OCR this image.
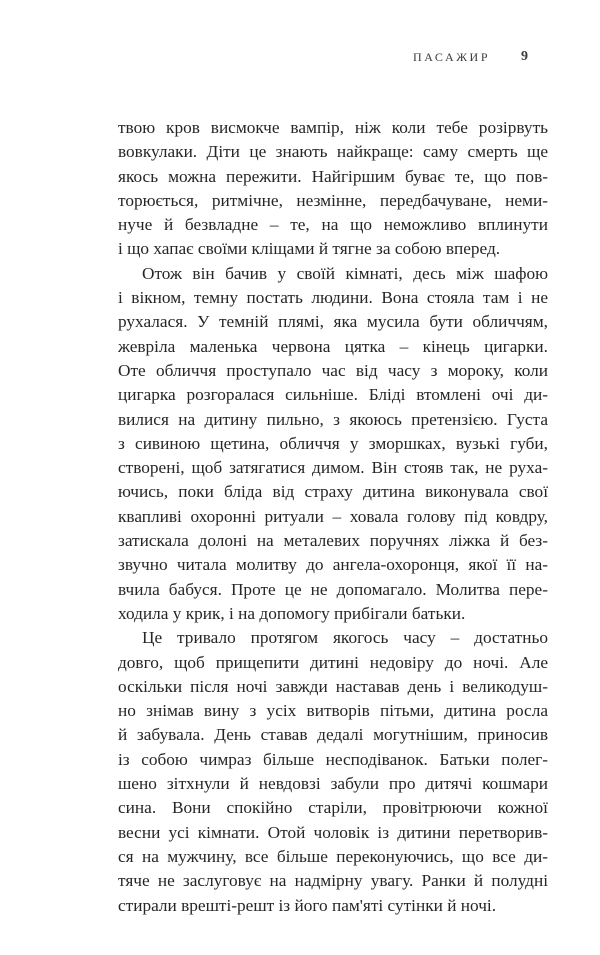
ПАСАЖИР 9
твою кров висмокче вампір, ніж коли тебе розірвуть
вовкулаки. Діти це знають найкраще: саму смерть ще
якось можна пережити. Найгіршим буває те, що пов-
торюється, ритмічне, незмінне, передбачуване, неми-
нуче й безвладне – те, на що неможливо вплинути
і що хапає своїми кліщами й тягне за собою вперед.
Отож він бачив у своїй кімнаті, десь між шафою
і вікном, темну постать людини. Вона стояла там і не
рухалася. У темній плямі, яка мусила бути обличчям,
жевріла маленька червона цятка – кінець цигарки.
Оте обличчя проступало час від часу з мороку, коли
цигарка розгоралася сильніше. Бліді втомлені очі ди-
вилися на дитину пильно, з якоюсь претензією. Густа
з сивиною щетина, обличчя у зморшках, вузькі губи,
створені, щоб затягатися димом. Він стояв так, не руха-
ючись, поки бліда від страху дитина виконувала свої
квапливі охоронні ритуали – ховала голову під ковдру,
затискала долоні на металевих поручнях ліжка й без-
звучно читала молитву до ангела-охоронця, якої її на-
вчила бабуся. Проте це не допомагало. Молитва пере-
ходила у крик, і на допомогу прибігали батьки.
Це тривало протягом якогось часу – достатньо
довго, щоб прищепити дитині недовіру до ночі. Але
оскільки після ночі завжди наставав день і великодуш-
но знімав вину з усіх витворів пітьми, дитина росла
й забувала. День ставав дедалі могутнішим, приносив
із собою чимраз більше несподіванок. Батьки полег-
шено зітхнули й невдовзі забули про дитячі кошмари
сина. Вони спокійно старіли, провітрюючи кожної
весни усі кімнати. Отой чоловік із дитини перетворив-
ся на мужчину, все більше переконуючись, що все ди-
тяче не заслуговує на надмірну увагу. Ранки й полудні
стирали врешті-решт із його пам'яті сутінки й ночі.
